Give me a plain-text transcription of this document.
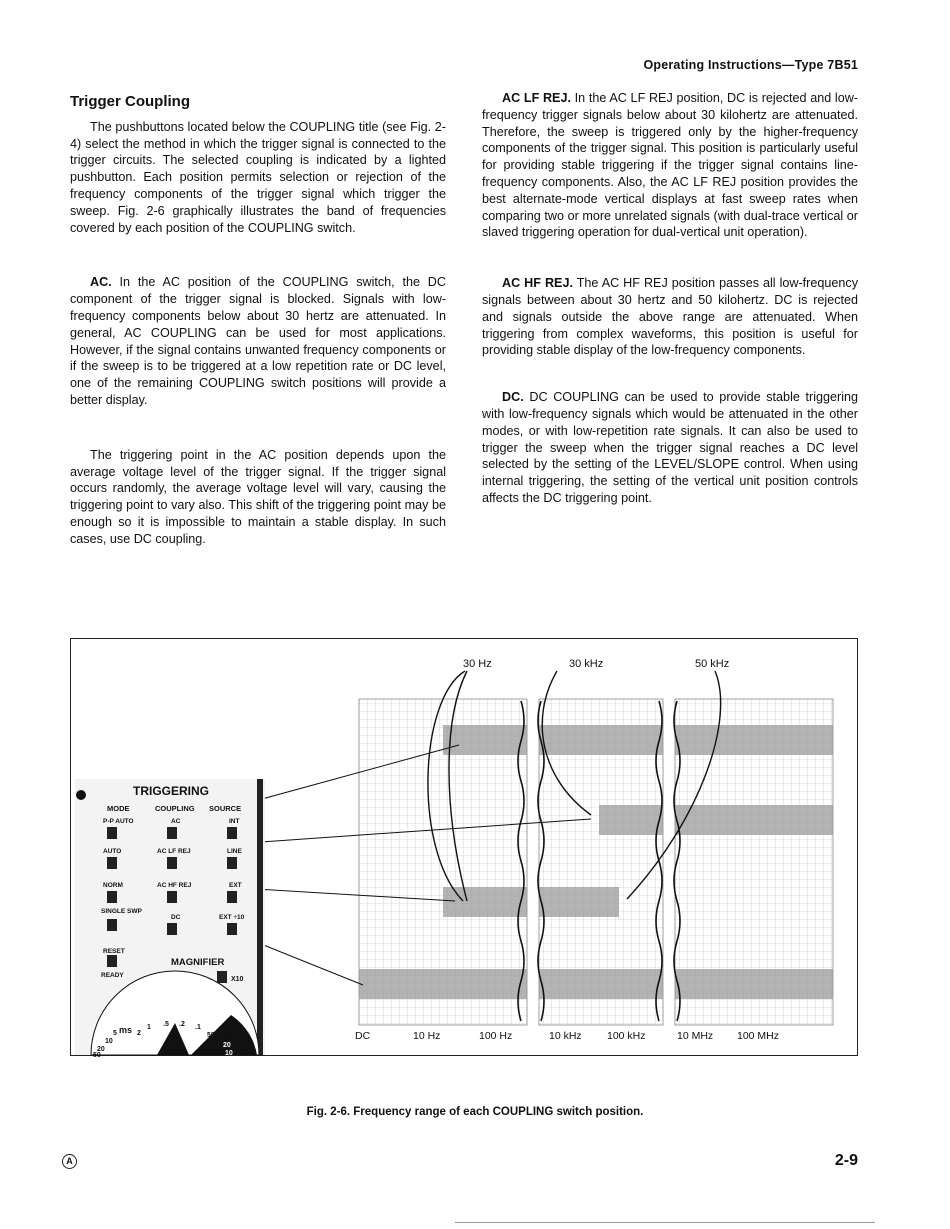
Operating Instructions—Type 7B51
Trigger Coupling

The pushbuttons located below the COUPLING title (see Fig. 2-4) select the method in which the trigger signal is connected to the trigger circuits. The selected coupling is indicated by a lighted pushbutton. Each position permits selection or rejection of the frequency components of the trigger signal which trigger the sweep. Fig. 2-6 graphically illustrates the band of frequencies covered by each position of the COUPLING switch.

AC. In the AC position of the COUPLING switch, the DC component of the trigger signal is blocked. Signals with low-frequency components below about 30 hertz are attenuated. In general, AC COUPLING can be used for most applications. However, if the signal contains unwanted frequency components or if the sweep is to be triggered at a low repetition rate or DC level, one of the remaining COUPLING switch positions will provide a better display.

The triggering point in the AC position depends upon the average voltage level of the trigger signal. If the trigger signal occurs randomly, the average voltage level will vary, causing the triggering point to vary also. This shift of the triggering point may be enough so it is impossible to maintain a stable display. In such cases, use DC coupling.

AC LF REJ. In the AC LF REJ position, DC is rejected and low-frequency trigger signals below about 30 kilohertz are attenuated. Therefore, the sweep is triggered only by the higher-frequency components of the trigger signal. This position is particularly useful for providing stable triggering if the trigger signal contains line-frequency components. Also, the AC LF REJ position provides the best alternate-mode vertical displays at fast sweep rates when comparing two or more unrelated signals (with dual-trace vertical or slaved triggering operation for dual-vertical unit operation).

AC HF REJ. The AC HF REJ position passes all low-frequency signals between about 30 hertz and 50 kilohertz. DC is rejected and signals outside the above range are attenuated. When triggering from complex waveforms, this position is useful for providing stable display of the low-frequency components.

DC. DC COUPLING can be used to provide stable triggering with low-frequency signals which would be attenuated in the other modes, or with low-repetition rate signals. It can also be used to trigger the sweep when the trigger signal reaches a DC level selected by the setting of the LEVEL/SLOPE control. When using internal triggering, the setting of the vertical unit position controls affects the DC triggering point.

30 Hz	30 kHz	50 kHz
DC	10 Hz	100 Hz	10 kHz 100 kHz	10 MHz 100 MHz
TRIGGERING
MODE	COUPLING SOURCE
P-P AUTO	AC	INT
AUTO	AC LF REJ	LINE
NORM	AC HF REJ	EXT
SINGLE SWP
DC	EXT ÷10
RESET
READY
MAGNIFIER
X10
ms	μs
2
1 .5 .2 .1
50
20
10
5
10
20
50
Fig. 2-6. Frequency range of each COUPLING switch position.
A	2-9
